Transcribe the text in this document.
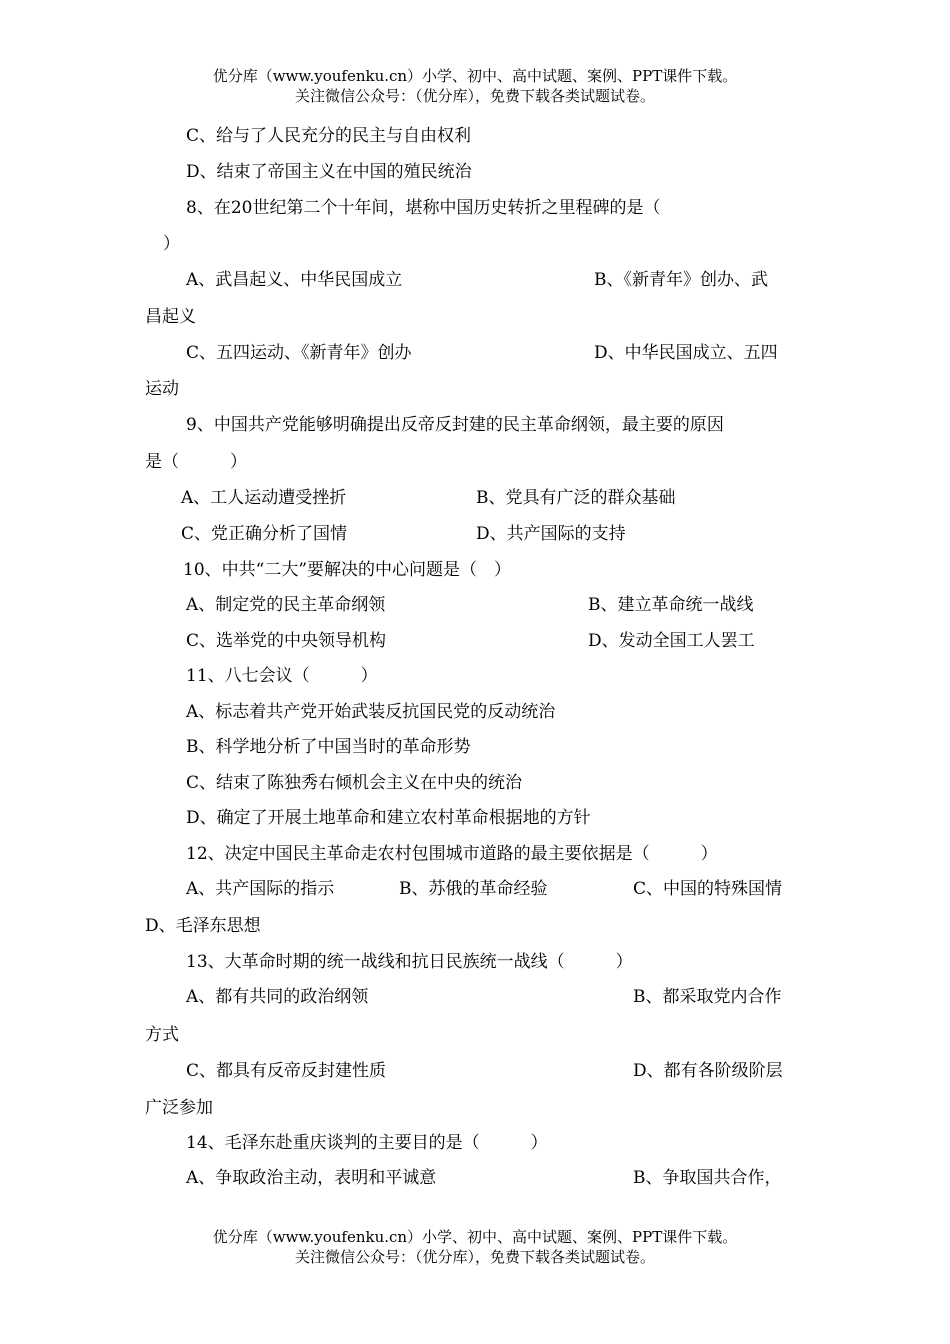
优分库（www.youfenku.cn）小学、初中、高中试题、案例、PPT课件下载。
关注微信公众号：（优分库），免费下载各类试题试卷。
C、给与了人民充分的民主与自由权利
D、结束了帝国主义在中国的殖民统治
8、在20世纪第二个十年间，堪称中国历史转折之里程碑的是（
）
A、武昌起义、中华民国成立	B、《新青年》创办、武
昌起义
C、五四运动、《新青年》创办	D、中华民国成立、五四
运动
9、中国共产党能够明确提出反帝反封建的民主革命纲领，最主要的原因
是（　　　）
A、工人运动遭受挫折	B、党具有广泛的群众基础
C、党正确分析了国情	D、共产国际的支持
10、中共“二大”要解决的中心问题是（　）
A、制定党的民主革命纲领	B、建立革命统一战线
C、选举党的中央领导机构	D、发动全国工人罢工
11、八七会议（　　　）
A、标志着共产党开始武装反抗国民党的反动统治
B、科学地分析了中国当时的革命形势
C、结束了陈独秀右倾机会主义在中央的统治
D、确定了开展土地革命和建立农村革命根据地的方针
12、决定中国民主革命走农村包围城市道路的最主要依据是（　　　）
A、共产国际的指示	B、苏俄的革命经验	C、中国的特殊国情
D、毛泽东思想
13、大革命时期的统一战线和抗日民族统一战线（　　　）
A、都有共同的政治纲领	B、都采取党内合作
方式
C、都具有反帝反封建性质	D、都有各阶级阶层
广泛参加
14、毛泽东赴重庆谈判的主要目的是（　　　）
A、争取政治主动，表明和平诚意	B、争取国共合作，
优分库（www.youfenku.cn）小学、初中、高中试题、案例、PPT课件下载。
关注微信公众号：（优分库），免费下载各类试题试卷。
